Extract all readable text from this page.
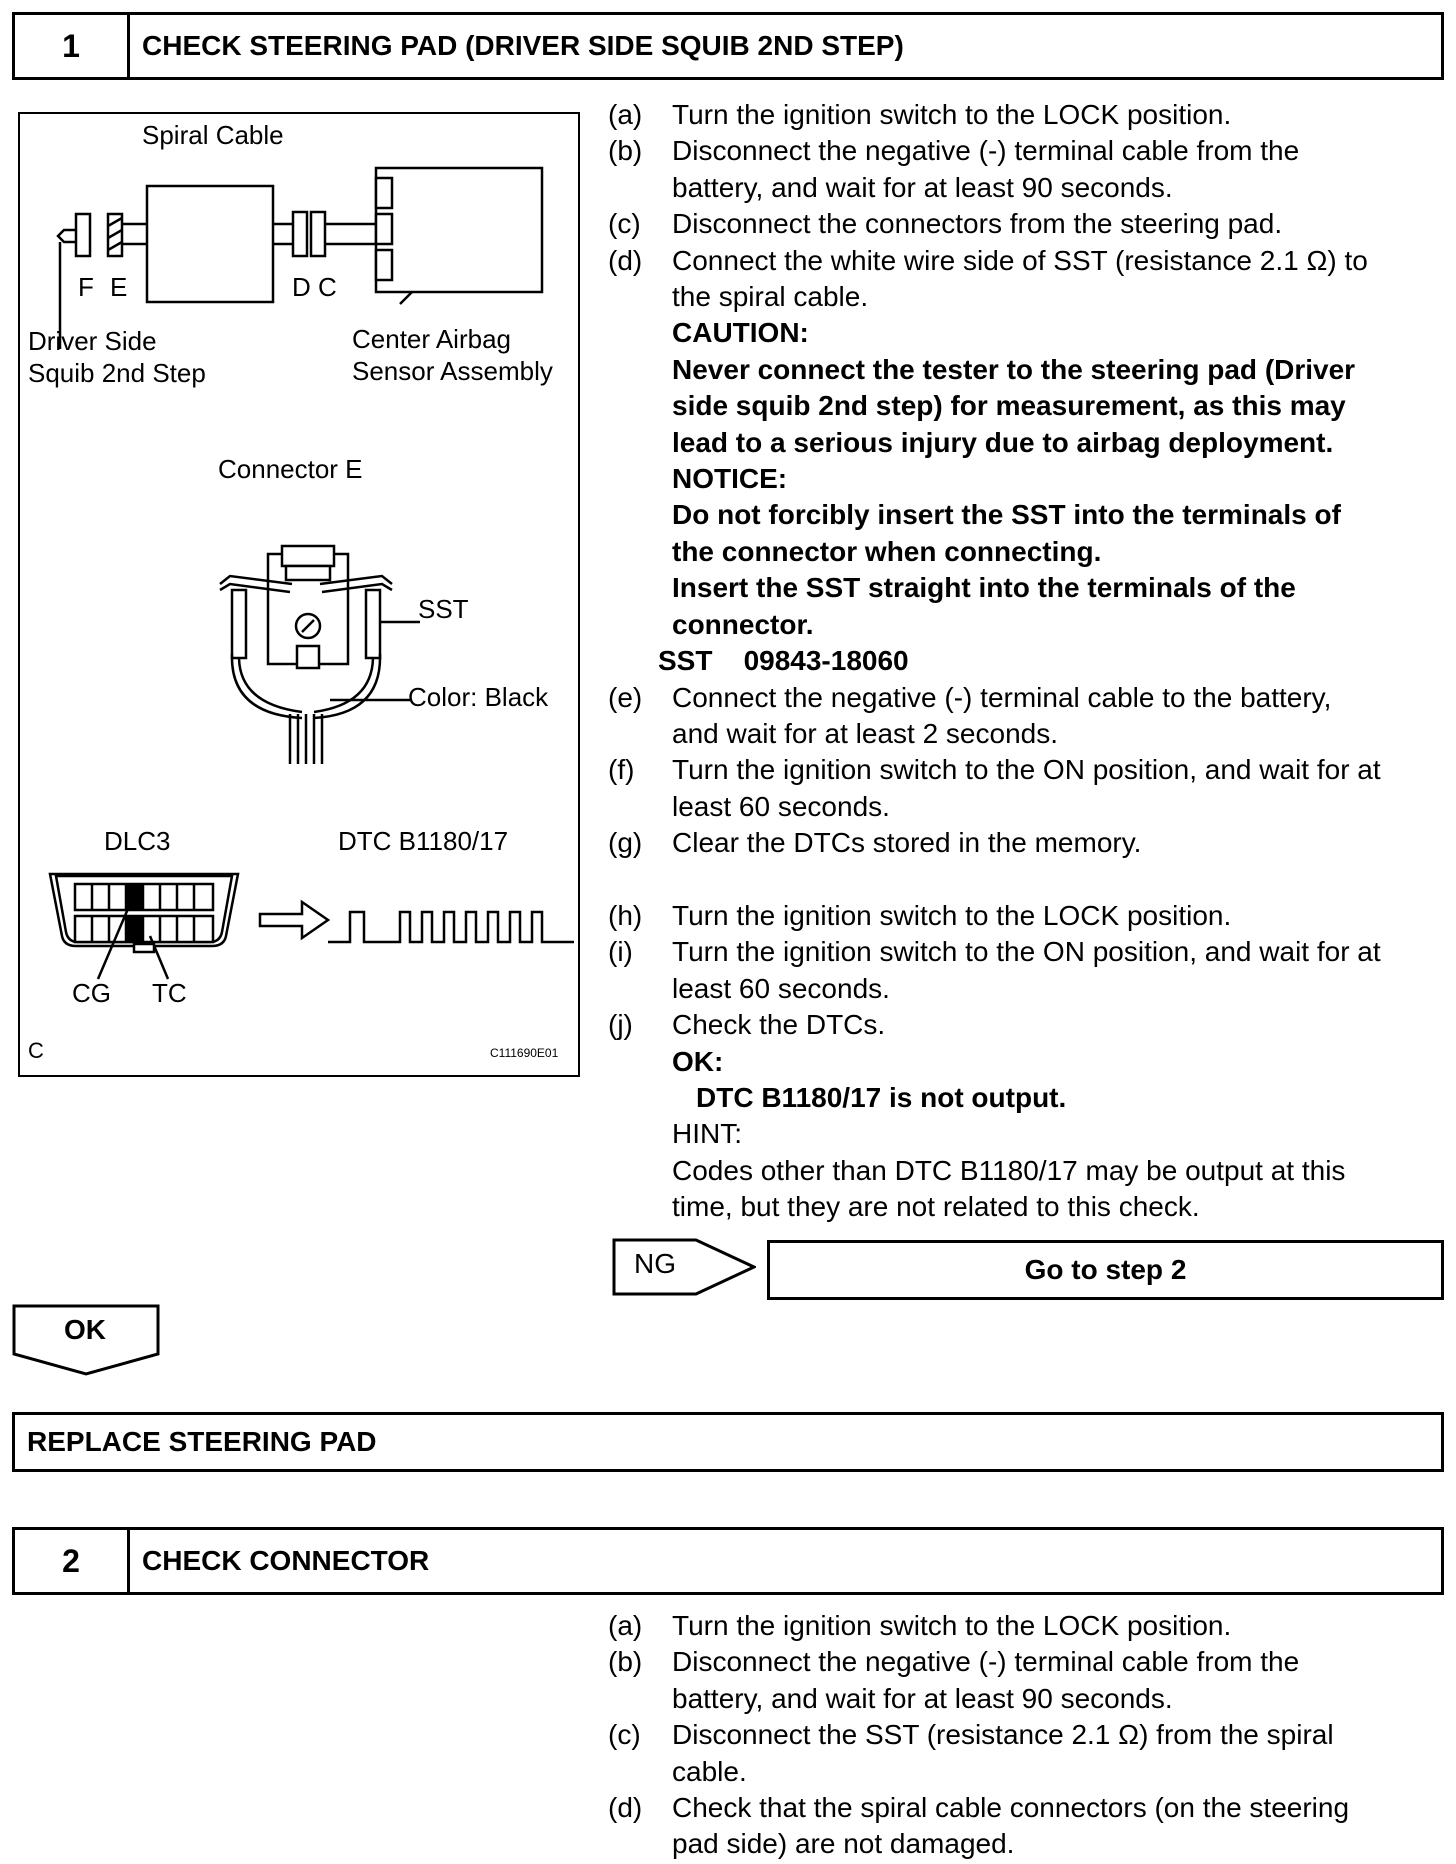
1	CHECK STEERING PAD (DRIVER SIDE SQUIB 2ND STEP)
Spiral Cable
F E	D C
Driver Side
Squib 2nd Step
Center Airbag
Sensor Assembly
Connector E
SST
Color: Black
DLC3	DTC B1180/17
CG TC
C	C111690E01
(a)	Turn the ignition switch to the LOCK position.
(b)	Disconnect the negative (-) terminal cable from the
battery, and wait for at least 90 seconds.
(c)	Disconnect the connectors from the steering pad.
(d)	Connect the white wire side of SST (resistance 2.1 Ω) to
the spiral cable.
CAUTION:
Never connect the tester to the steering pad (Driver
side squib 2nd step) for measurement, as this may
lead to a serious injury due to airbag deployment.
NOTICE:
Do not forcibly insert the SST into the terminals of
the connector when connecting.
Insert the SST straight into the terminals of the
connector.
SST    09843-18060
(e)	Connect the negative (-) terminal cable to the battery,
and wait for at least 2 seconds.
(f)	Turn the ignition switch to the ON position, and wait for at
least 60 seconds.
(g)	Clear the DTCs stored in the memory.
(h)	Turn the ignition switch to the LOCK position.
(i)	Turn the ignition switch to the ON position, and wait for at
least 60 seconds.
(j)	Check the DTCs.
OK:
DTC B1180/17 is not output.
HINT:
Codes other than DTC B1180/17 may be output at this
time, but they are not related to this check.
NG	Go to step 2
OK
REPLACE STEERING PAD
2	CHECK CONNECTOR
(a)	Turn the ignition switch to the LOCK position.
(b)	Disconnect the negative (-) terminal cable from the
battery, and wait for at least 90 seconds.
(c)	Disconnect the SST (resistance 2.1 Ω) from the spiral
cable.
(d)	Check that the spiral cable connectors (on the steering
pad side) are not damaged.
